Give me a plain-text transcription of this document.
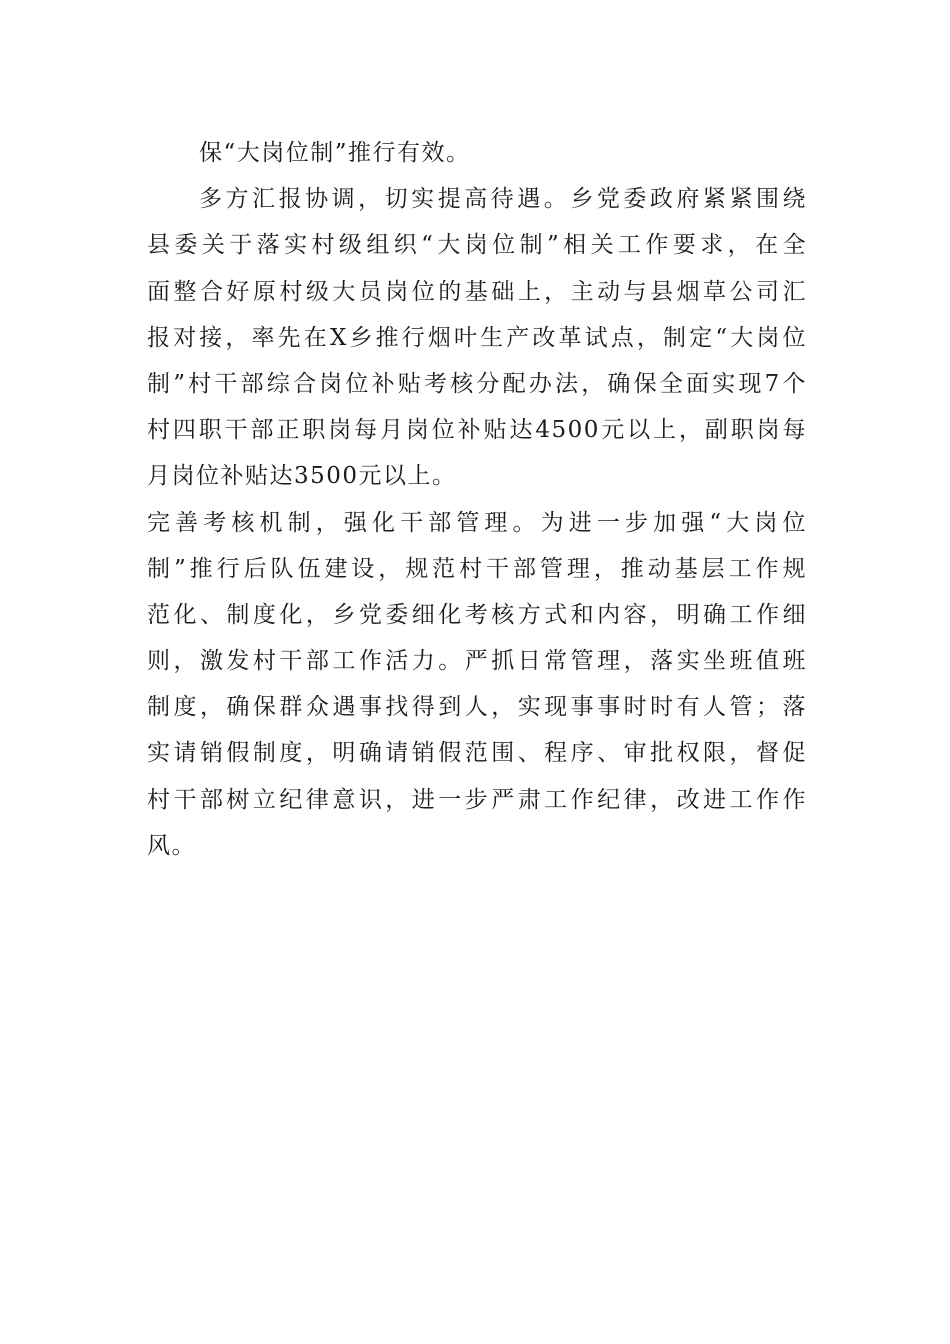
保“大岗位制”推行有效。
多方汇报协调，切实提高待遇。乡党委政府紧紧围绕
县委关于落实村级组织“大岗位制”相关工作要求，在全
面整合好原村级大员岗位的基础上，主动与县烟草公司汇
报对接，率先在X乡推行烟叶生产改革试点，制定“大岗位
制”村干部综合岗位补贴考核分配办法，确保全面实现7个
村四职干部正职岗每月岗位补贴达4500元以上，副职岗每
月岗位补贴达3500元以上。
完善考核机制，强化干部管理。为进一步加强“大岗位
制”推行后队伍建设，规范村干部管理，推动基层工作规
范化、制度化，乡党委细化考核方式和内容，明确工作细
则，激发村干部工作活力。严抓日常管理，落实坐班值班
制度，确保群众遇事找得到人，实现事事时时有人管；落
实请销假制度，明确请销假范围、程序、审批权限，督促
村干部树立纪律意识，进一步严肃工作纪律，改进工作作
风。
